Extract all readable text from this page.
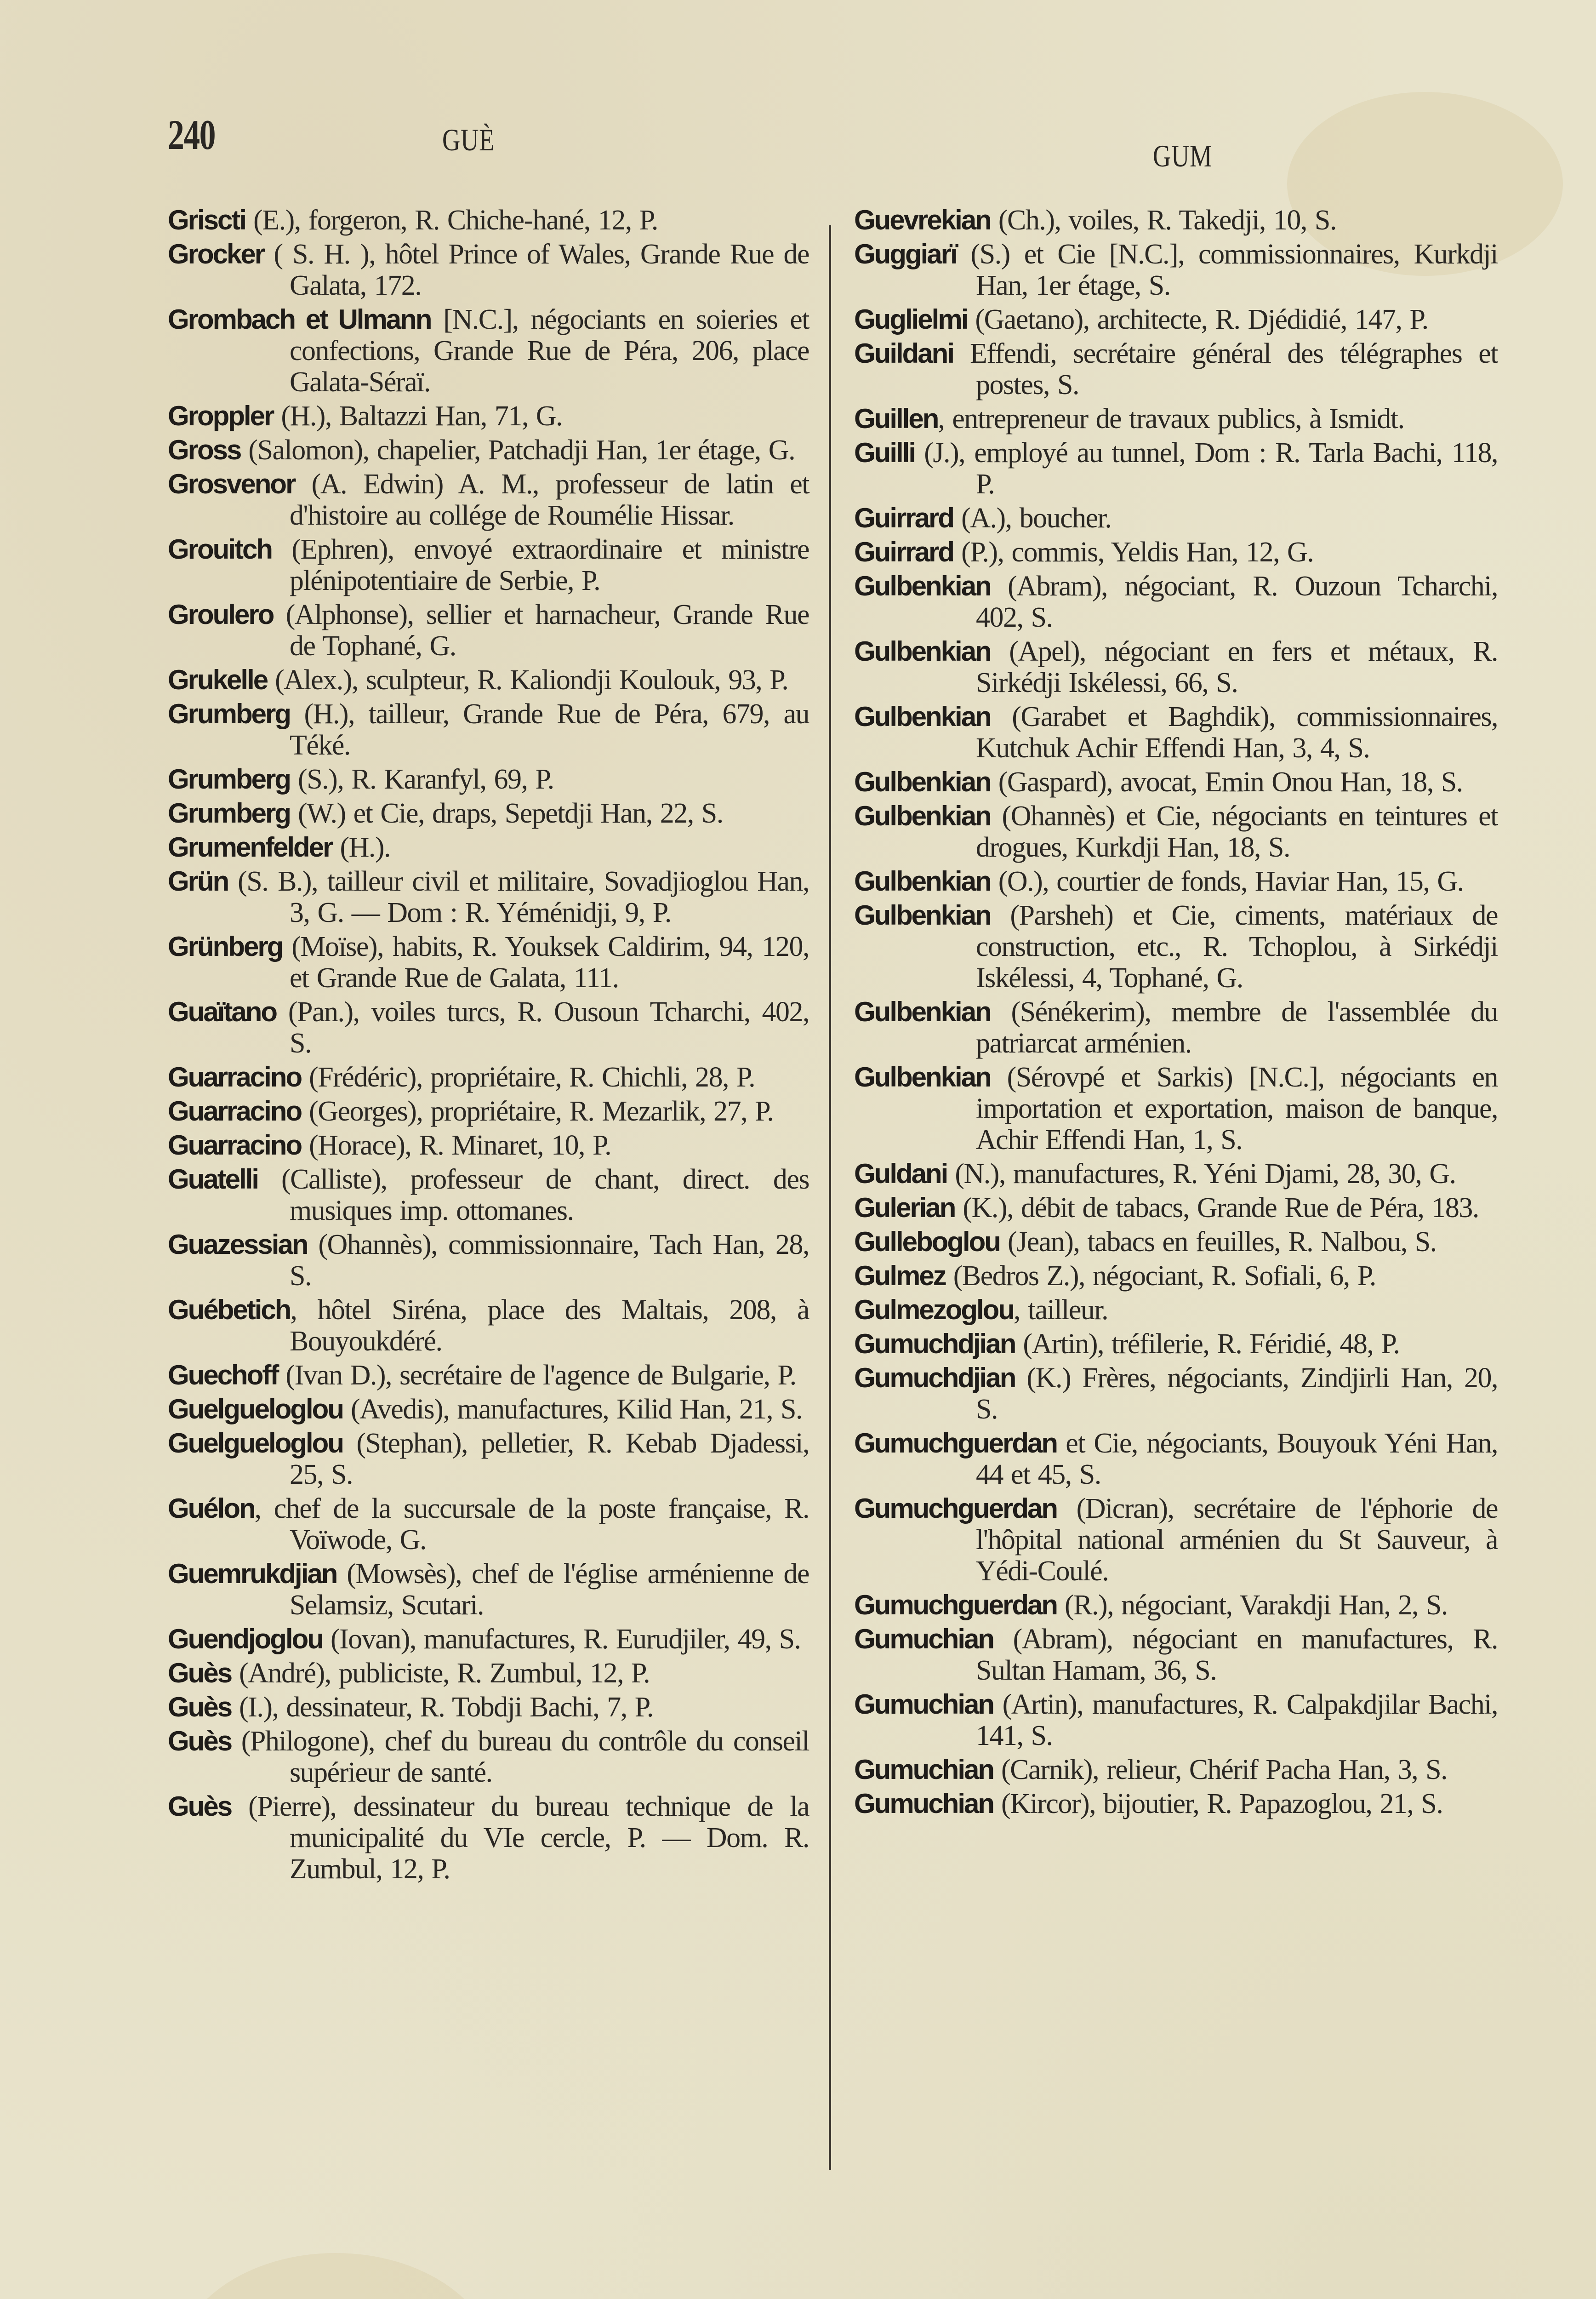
240	GUÈ	GUM

Griscti (E.), forgeron, R. Chiche-hané, 12, P.

Grocker ( S. H. ), hôtel Prince of Wales, Grande Rue de Galata, 172.

Grombach et Ulmann [N.C.], négociants en soieries et confections, Grande Rue de Péra, 206, place Galata-Séraï.

Groppler (H.), Baltazzi Han, 71, G.

Gross (Salomon), chapelier, Patchadji Han, 1er étage, G.

Grosvenor (A. Edwin) A. M., professeur de latin et d'histoire au collége de Roumélie Hissar.

Grouitch (Ephren), envoyé extraordinaire et ministre plénipotentiaire de Serbie, P.

Groulero (Alphonse), sellier et harnacheur, Grande Rue de Tophané, G.

Grukelle (Alex.), sculpteur, R. Kaliondji Koulouk, 93, P.

Grumberg (H.), tailleur, Grande Rue de Péra, 679, au Téké.

Grumberg (S.), R. Karanfyl, 69, P.

Grumberg (W.) et Cie, draps, Sepetdji Han, 22, S.

Grumenfelder (H.).

Grün (S. B.), tailleur civil et militaire, Sovadjioglou Han, 3, G. — Dom : R. Yéménidji, 9, P.

Grünberg (Moïse), habits, R. Youksek Caldirim, 94, 120, et Grande Rue de Galata, 111.

Guaïtano (Pan.), voiles turcs, R. Ousoun Tcharchi, 402, S.

Guarracino (Frédéric), propriétaire, R. Chichli, 28, P.

Guarracino (Georges), propriétaire, R. Mezarlik, 27, P.

Guarracino (Horace), R. Minaret, 10, P.

Guatelli (Calliste), professeur de chant, direct. des musiques imp. ottomanes.

Guazessian (Ohannès), commissionnaire, Tach Han, 28, S.

Guébetich, hôtel Siréna, place des Maltais, 208, à Bouyoukdéré.

Guechoff (Ivan D.), secrétaire de l'agence de Bulgarie, P.

Guelgueloglou (Avedis), manufactures, Kilid Han, 21, S.

Guelgueloglou (Stephan), pelletier, R. Kebab Djadessi, 25, S.

Guélon, chef de la succursale de la poste française, R. Voïwode, G.

Guemrukdjian (Mowsès), chef de l'église arménienne de Selamsiz, Scutari.

Guendjoglou (Iovan), manufactures, R. Eurudjiler, 49, S.

Guès (André), publiciste, R. Zumbul, 12, P.

Guès (I.), dessinateur, R. Tobdji Bachi, 7, P.

Guès (Philogone), chef du bureau du contrôle du conseil supérieur de santé.

Guès (Pierre), dessinateur du bureau technique de la municipalité du VIe cercle, P. — Dom. R. Zumbul, 12, P.

Guevrekian (Ch.), voiles, R. Takedji, 10, S.

Guggiarï (S.) et Cie [N.C.], commissionnaires, Kurkdji Han, 1er étage, S.

Guglielmi (Gaetano), architecte, R. Djédidié, 147, P.

Guildani Effendi, secrétaire général des télégraphes et postes, S.

Guillen, entrepreneur de travaux publics, à Ismidt.

Guilli (J.), employé au tunnel, Dom : R. Tarla Bachi, 118, P.

Guirrard (A.), boucher.

Guirrard (P.), commis, Yeldis Han, 12, G.

Gulbenkian (Abram), négociant, R. Ouzoun Tcharchi, 402, S.

Gulbenkian (Apel), négociant en fers et métaux, R. Sirkédji Iskélessi, 66, S.

Gulbenkian (Garabet et Baghdik), commissionnaires, Kutchuk Achir Effendi Han, 3, 4, S.

Gulbenkian (Gaspard), avocat, Emin Onou Han, 18, S.

Gulbenkian (Ohannès) et Cie, négociants en teintures et drogues, Kurkdji Han, 18, S.

Gulbenkian (O.), courtier de fonds, Haviar Han, 15, G.

Gulbenkian (Parsheh) et Cie, ciments, matériaux de construction, etc., R. Tchoplou, à Sirkédji Iskélessi, 4, Tophané, G.

Gulbenkian (Sénékerim), membre de l'assemblée du patriarcat arménien.

Gulbenkian (Sérovpé et Sarkis) [N.C.], négociants en importation et exportation, maison de banque, Achir Effendi Han, 1, S.

Guldani (N.), manufactures, R. Yéni Djami, 28, 30, G.

Gulerian (K.), débit de tabacs, Grande Rue de Péra, 183.

Gulleboglou (Jean), tabacs en feuilles, R. Nalbou, S.

Gulmez (Bedros Z.), négociant, R. Sofiali, 6, P.

Gulmezoglou, tailleur.

Gumuchdjian (Artin), tréfilerie, R. Féridié, 48, P.

Gumuchdjian (K.) Frères, négociants, Zindjirli Han, 20, S.

Gumuchguerdan et Cie, négociants, Bouyouk Yéni Han, 44 et 45, S.

Gumuchguerdan (Dicran), secrétaire de l'éphorie de l'hôpital national arménien du St Sauveur, à Yédi-Coulé.

Gumuchguerdan (R.), négociant, Varakdji Han, 2, S.

Gumuchian (Abram), négociant en manufactures, R. Sultan Hamam, 36, S.

Gumuchian (Artin), manufactures, R. Calpakdjilar Bachi, 141, S.

Gumuchian (Carnik), relieur, Chérif Pacha Han, 3, S.

Gumuchian (Kircor), bijoutier, R. Papazoglou, 21, S.
